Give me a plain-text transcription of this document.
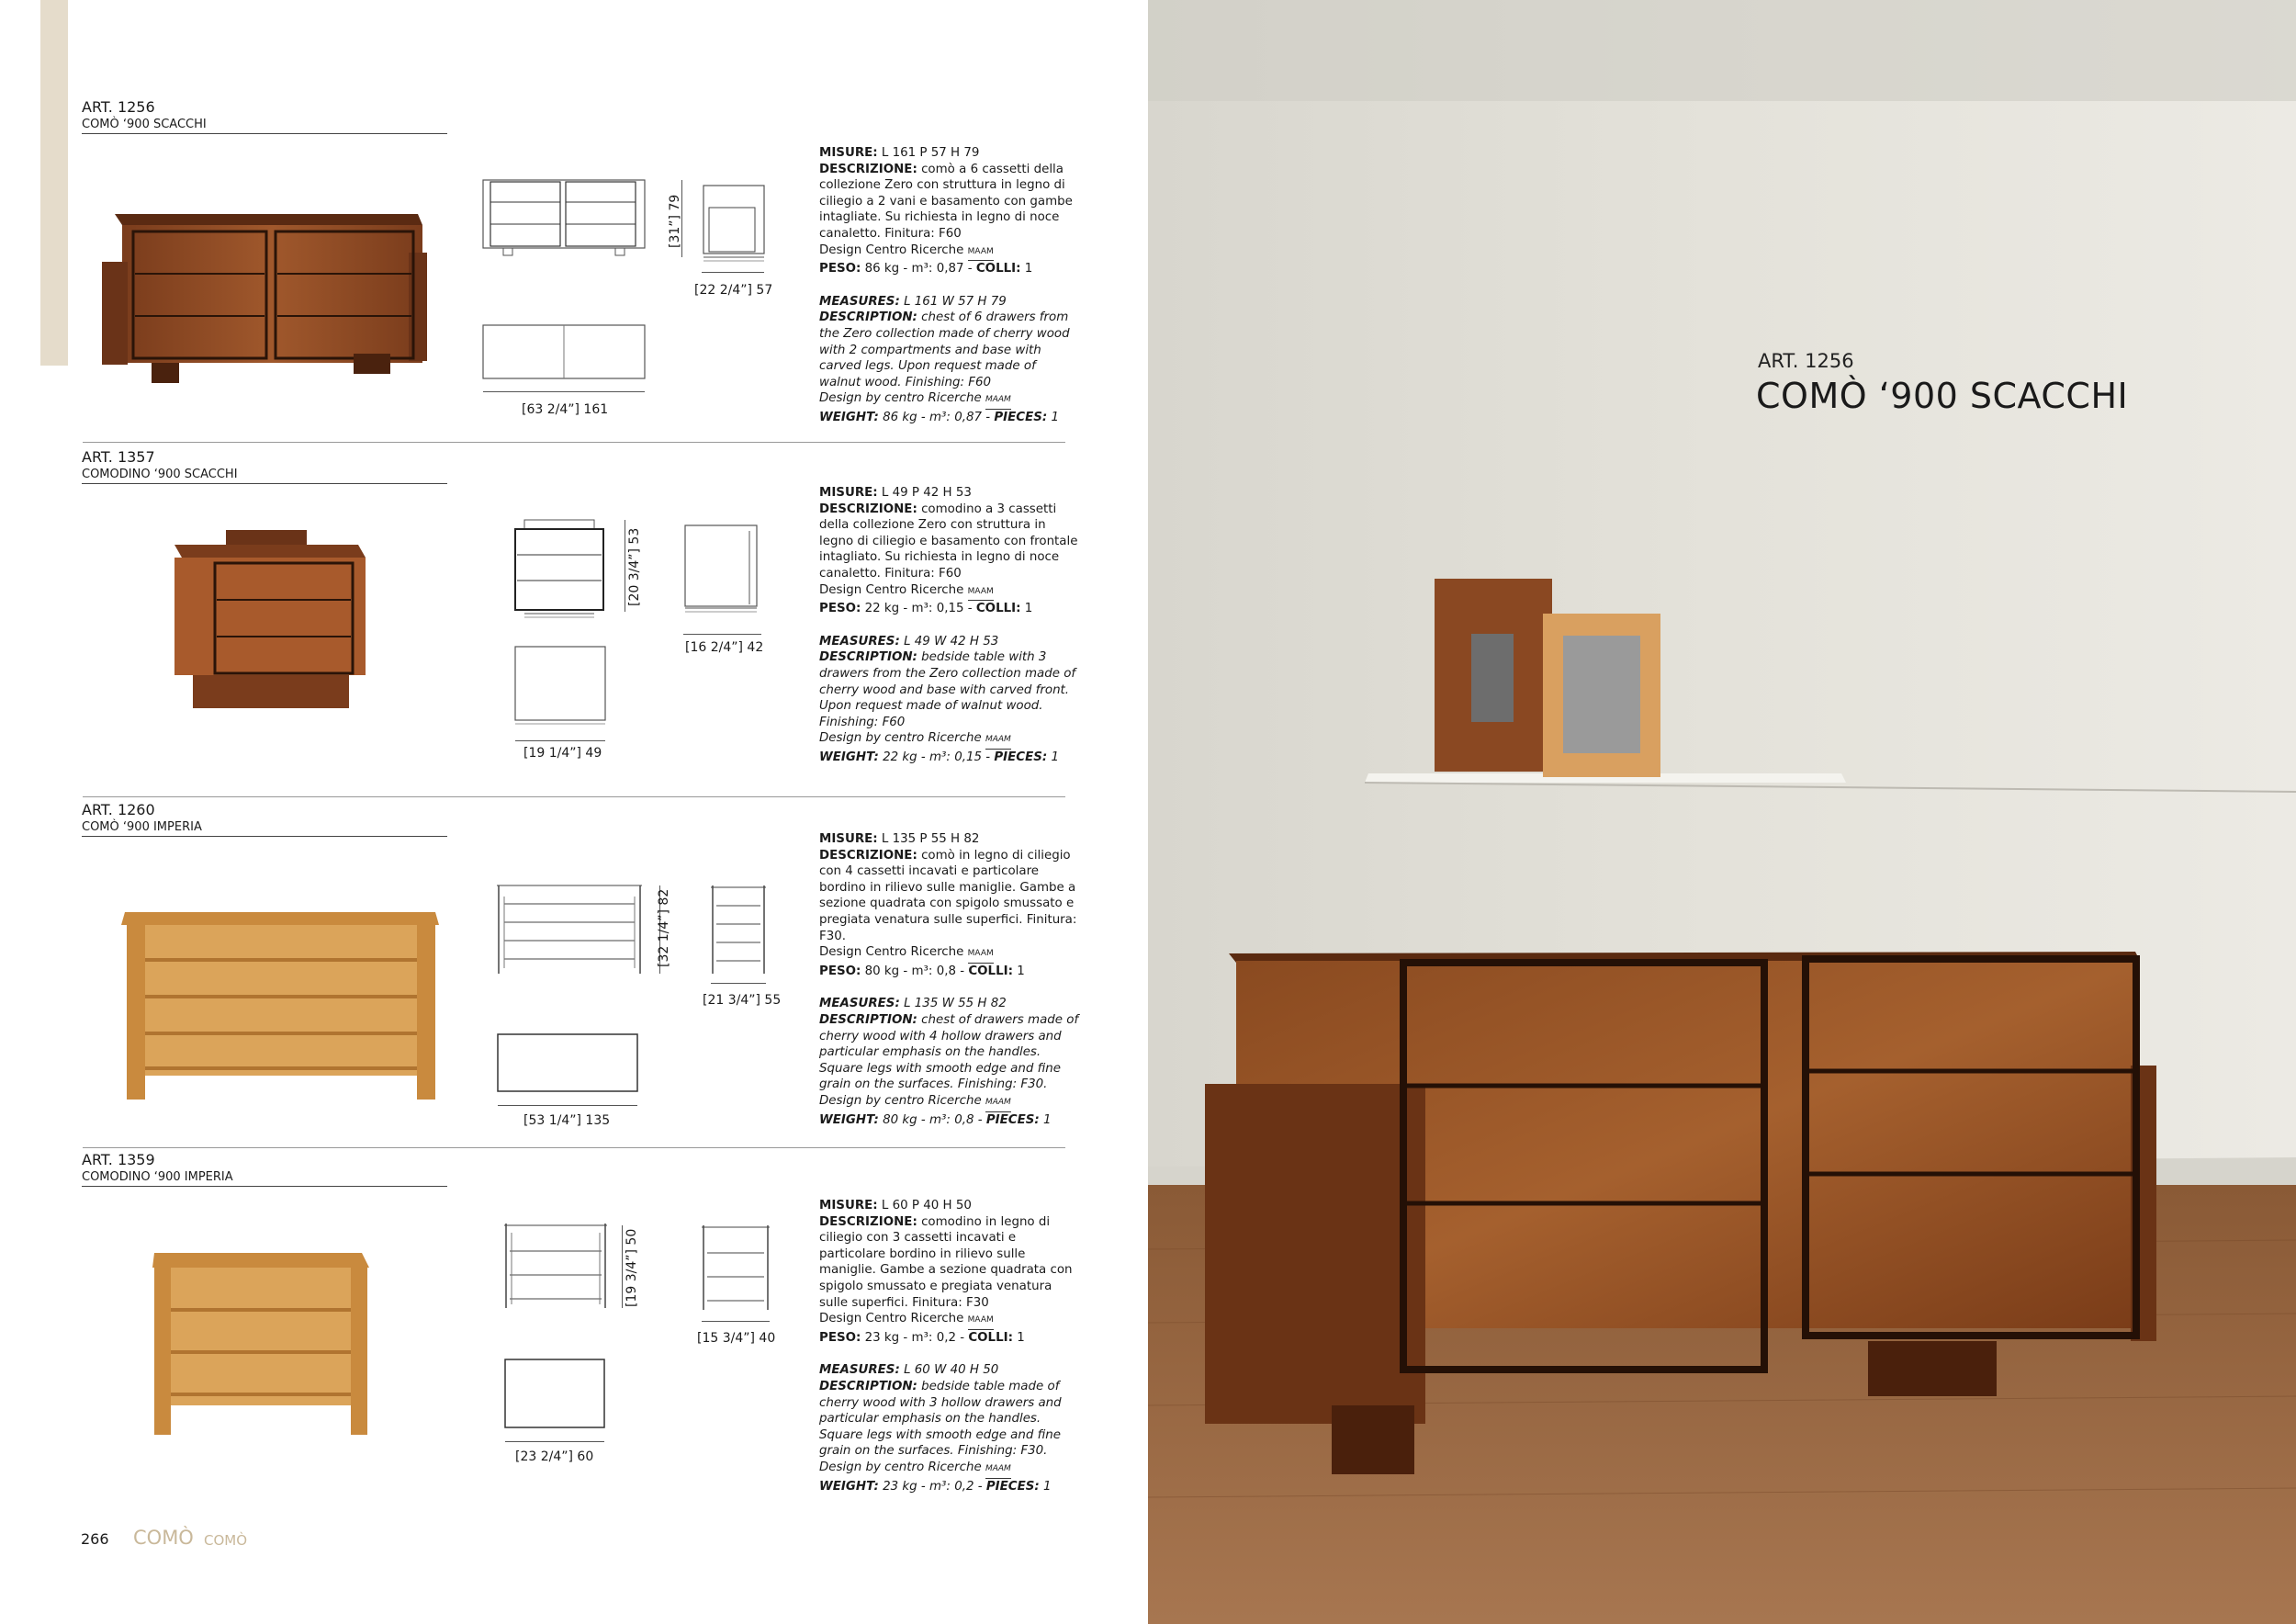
CLASSIC	ART. 1256
COMÒ ‘900 SCACCHI
[31”] 79
[22 2/4”] 57
[63 2/4”] 161
MISURE: L 161 P 57 H 79
DESCRIZIONE: comò a 6 cassetti della collezione Zero con struttura in legno di ciliegio a 2 vani e basamento con gambe intagliate. Su richiesta in legno di noce canaletto. Finitura: F60
Design Centro Ricerche MAAM
PESO: 86 kg - m³: 0,87 - COLLI: 1
MEASURES: L 161 W 57 H 79
DESCRIPTION: chest of 6 drawers from the Zero collection made of cherry wood with 2 compartments and base with carved legs. Upon request made of walnut wood. Finishing: F60
Design by centro Ricerche MAAM
WEIGHT: 86 kg - m³: 0,87 - PIECES: 1
ART. 1357
COMODINO ‘900 SCACCHI
[20 3/4”] 53
[16 2/4”] 42
[19 1/4”] 49
MISURE: L 49 P 42 H 53
DESCRIZIONE: comodino a 3 cassetti della collezione Zero con struttura in legno di ciliegio e basamento con frontale intagliato. Su richiesta in legno di noce canaletto. Finitura: F60
Design Centro Ricerche MAAM
PESO: 22 kg - m³: 0,15 - COLLI: 1
MEASURES: L 49 W 42 H 53
DESCRIPTION: bedside table with 3 drawers from the Zero collection made of cherry wood and base with carved front. Upon request made of walnut wood. Finishing: F60
Design by centro Ricerche MAAM
WEIGHT: 22 kg - m³: 0,15 - PIECES: 1
ART. 1260
COMÒ ‘900 IMPERIA
[32 1/4”] 82
[21 3/4”] 55
[53 1/4”] 135
MISURE: L 135 P 55 H 82
DESCRIZIONE: comò in legno di ciliegio con 4 cassetti incavati e particolare bordino in rilievo sulle maniglie. Gambe a sezione quadrata con spigolo smussato e pregiata venatura sulle superfici. Finitura: F30.
Design Centro Ricerche MAAM
PESO: 80 kg - m³: 0,8 - COLLI: 1
MEASURES: L 135 W 55 H 82
DESCRIPTION: chest of drawers made of cherry wood with 4 hollow drawers and particular emphasis on the handles. Square legs with smooth edge and fine grain on the surfaces. Finishing: F30.
Design by centro Ricerche MAAM
WEIGHT: 80 kg - m³: 0,8 - PIECES: 1
ART. 1359
COMODINO ‘900 IMPERIA
[19 3/4”] 50
[15 3/4”] 40
[23 2/4”] 60
MISURE: L 60 P 40 H 50
DESCRIZIONE: comodino in legno di ciliegio con 3 cassetti incavati e particolare bordino in rilievo sulle maniglie. Gambe a sezione quadrata con spigolo smussato e pregiata venatura sulle superfici. Finitura: F30
Design Centro Ricerche MAAM
PESO: 23 kg - m³: 0,2 - COLLI: 1
MEASURES: L 60 W 40 H 50
DESCRIPTION: bedside table made of cherry wood with 3 hollow drawers and particular emphasis on the handles. Square legs with smooth edge and fine grain on the surfaces. Finishing: F30.
Design by centro Ricerche MAAM
WEIGHT: 23 kg - m³: 0,2 - PIECES: 1
266 COMÒ COMÒ
ART. 1256
COMÒ ‘900 SCACCHI
